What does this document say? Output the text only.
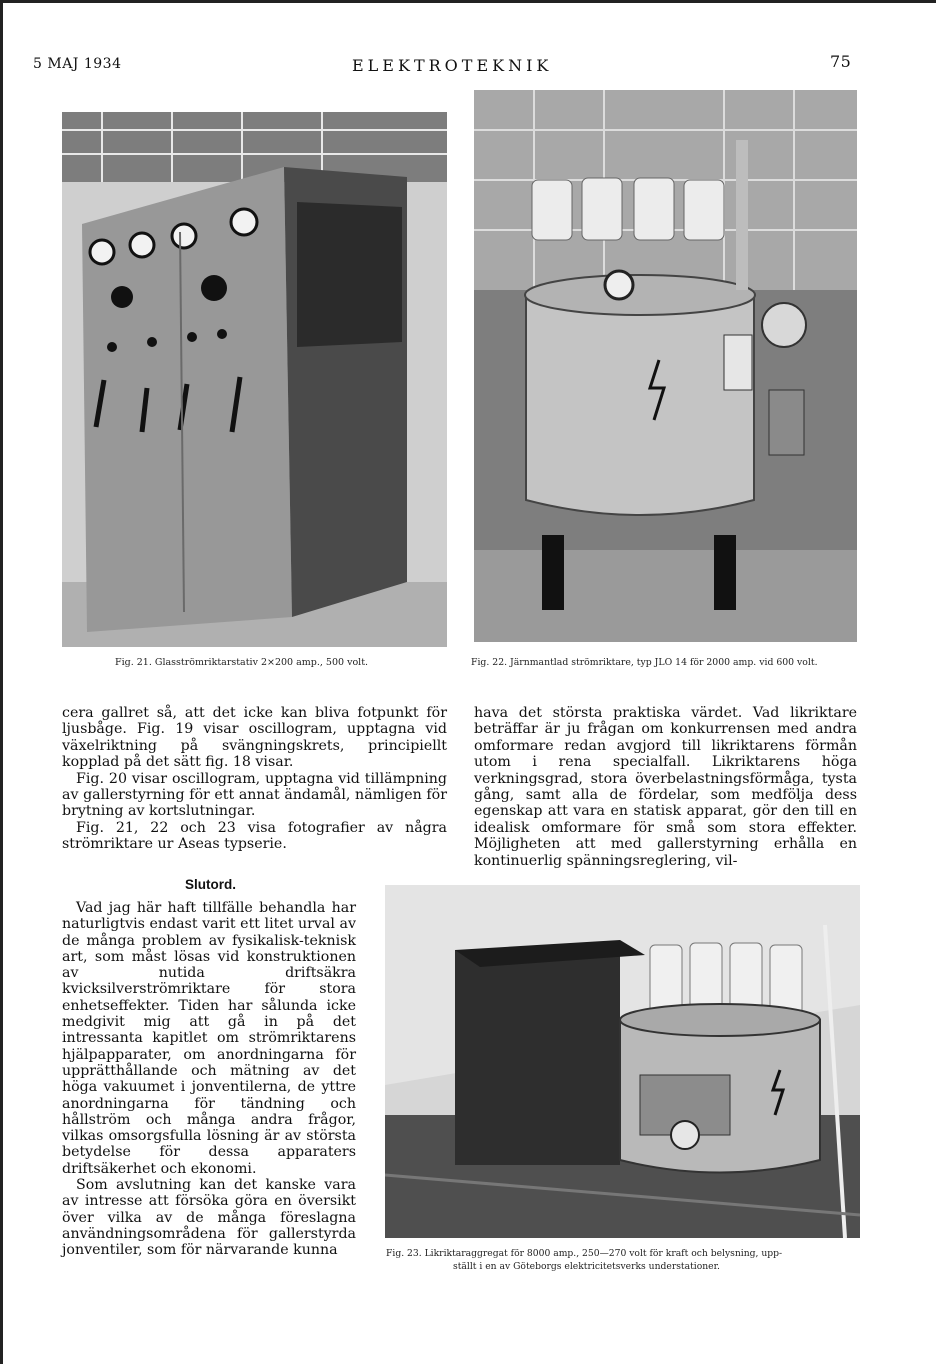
5 MAJ 1934	ELEKTROTEKNIK	75
Fig. 21. Glasströmriktarstativ 2×200 amp., 500 volt.	Fig. 22. Järnmantlad strömriktare, typ JLO 14 för 2000 amp. vid 600 volt.

cera gallret så, att det icke kan bliva fotpunkt för ljusbåge. Fig. 19 visar oscillogram, upptagna vid växelriktning på svängningskrets, principiellt kopplad på det sätt fig. 18 visar.

Fig. 20 visar oscillogram, upptagna vid tillämpning av gallerstyrning för ett annat ändamål, nämligen för brytning av kortslutningar.

Fig. 21, 22 och 23 visa fotografier av några strömriktare ur Aseas typserie.

hava det största praktiska värdet. Vad likriktare beträffar är ju frågan om konkurrensen med andra omformare redan avgjord till likriktarens förmån utom i rena specialfall. Likriktarens höga verkningsgrad, stora överbelastningsförmåga, tysta gång, samt alla de fördelar, som medfölja dess egenskap att vara en statisk apparat, gör den till en idealisk omformare för små som stora effekter. Möjligheten att med gallerstyrning erhålla en kontinuerlig spänningsreglering, vil-

Slutord.

Vad jag här haft tillfälle behandla har naturligtvis endast varit ett litet urval av de många problem av fysikalisk-teknisk art, som måst lösas vid konstruktionen av nutida driftsäkra kvicksilverströmriktare för stora enhetseffekter. Tiden har sålunda icke medgivit mig att gå in på det intressanta kapitlet om strömriktarens hjälpapparater, om anordningarna för upprätthållande och mätning av det höga vakuumet i jonventilerna, de yttre anordningarna för tändning och hållström och många andra frågor, vilkas omsorgsfulla lösning är av största betydelse för dessa apparaters driftsäkerhet och ekonomi.

Som avslutning kan det kanske vara av intresse att försöka göra en översikt över vilka av de många föreslagna användningsområdena för gallerstyrda jonventiler, som för närvarande kunna	Fig. 23. Likriktaraggregat för 8000 amp., 250—270 volt för kraft och belysning, upp-
ställt i en av Göteborgs elektricitetsverks understationer.
